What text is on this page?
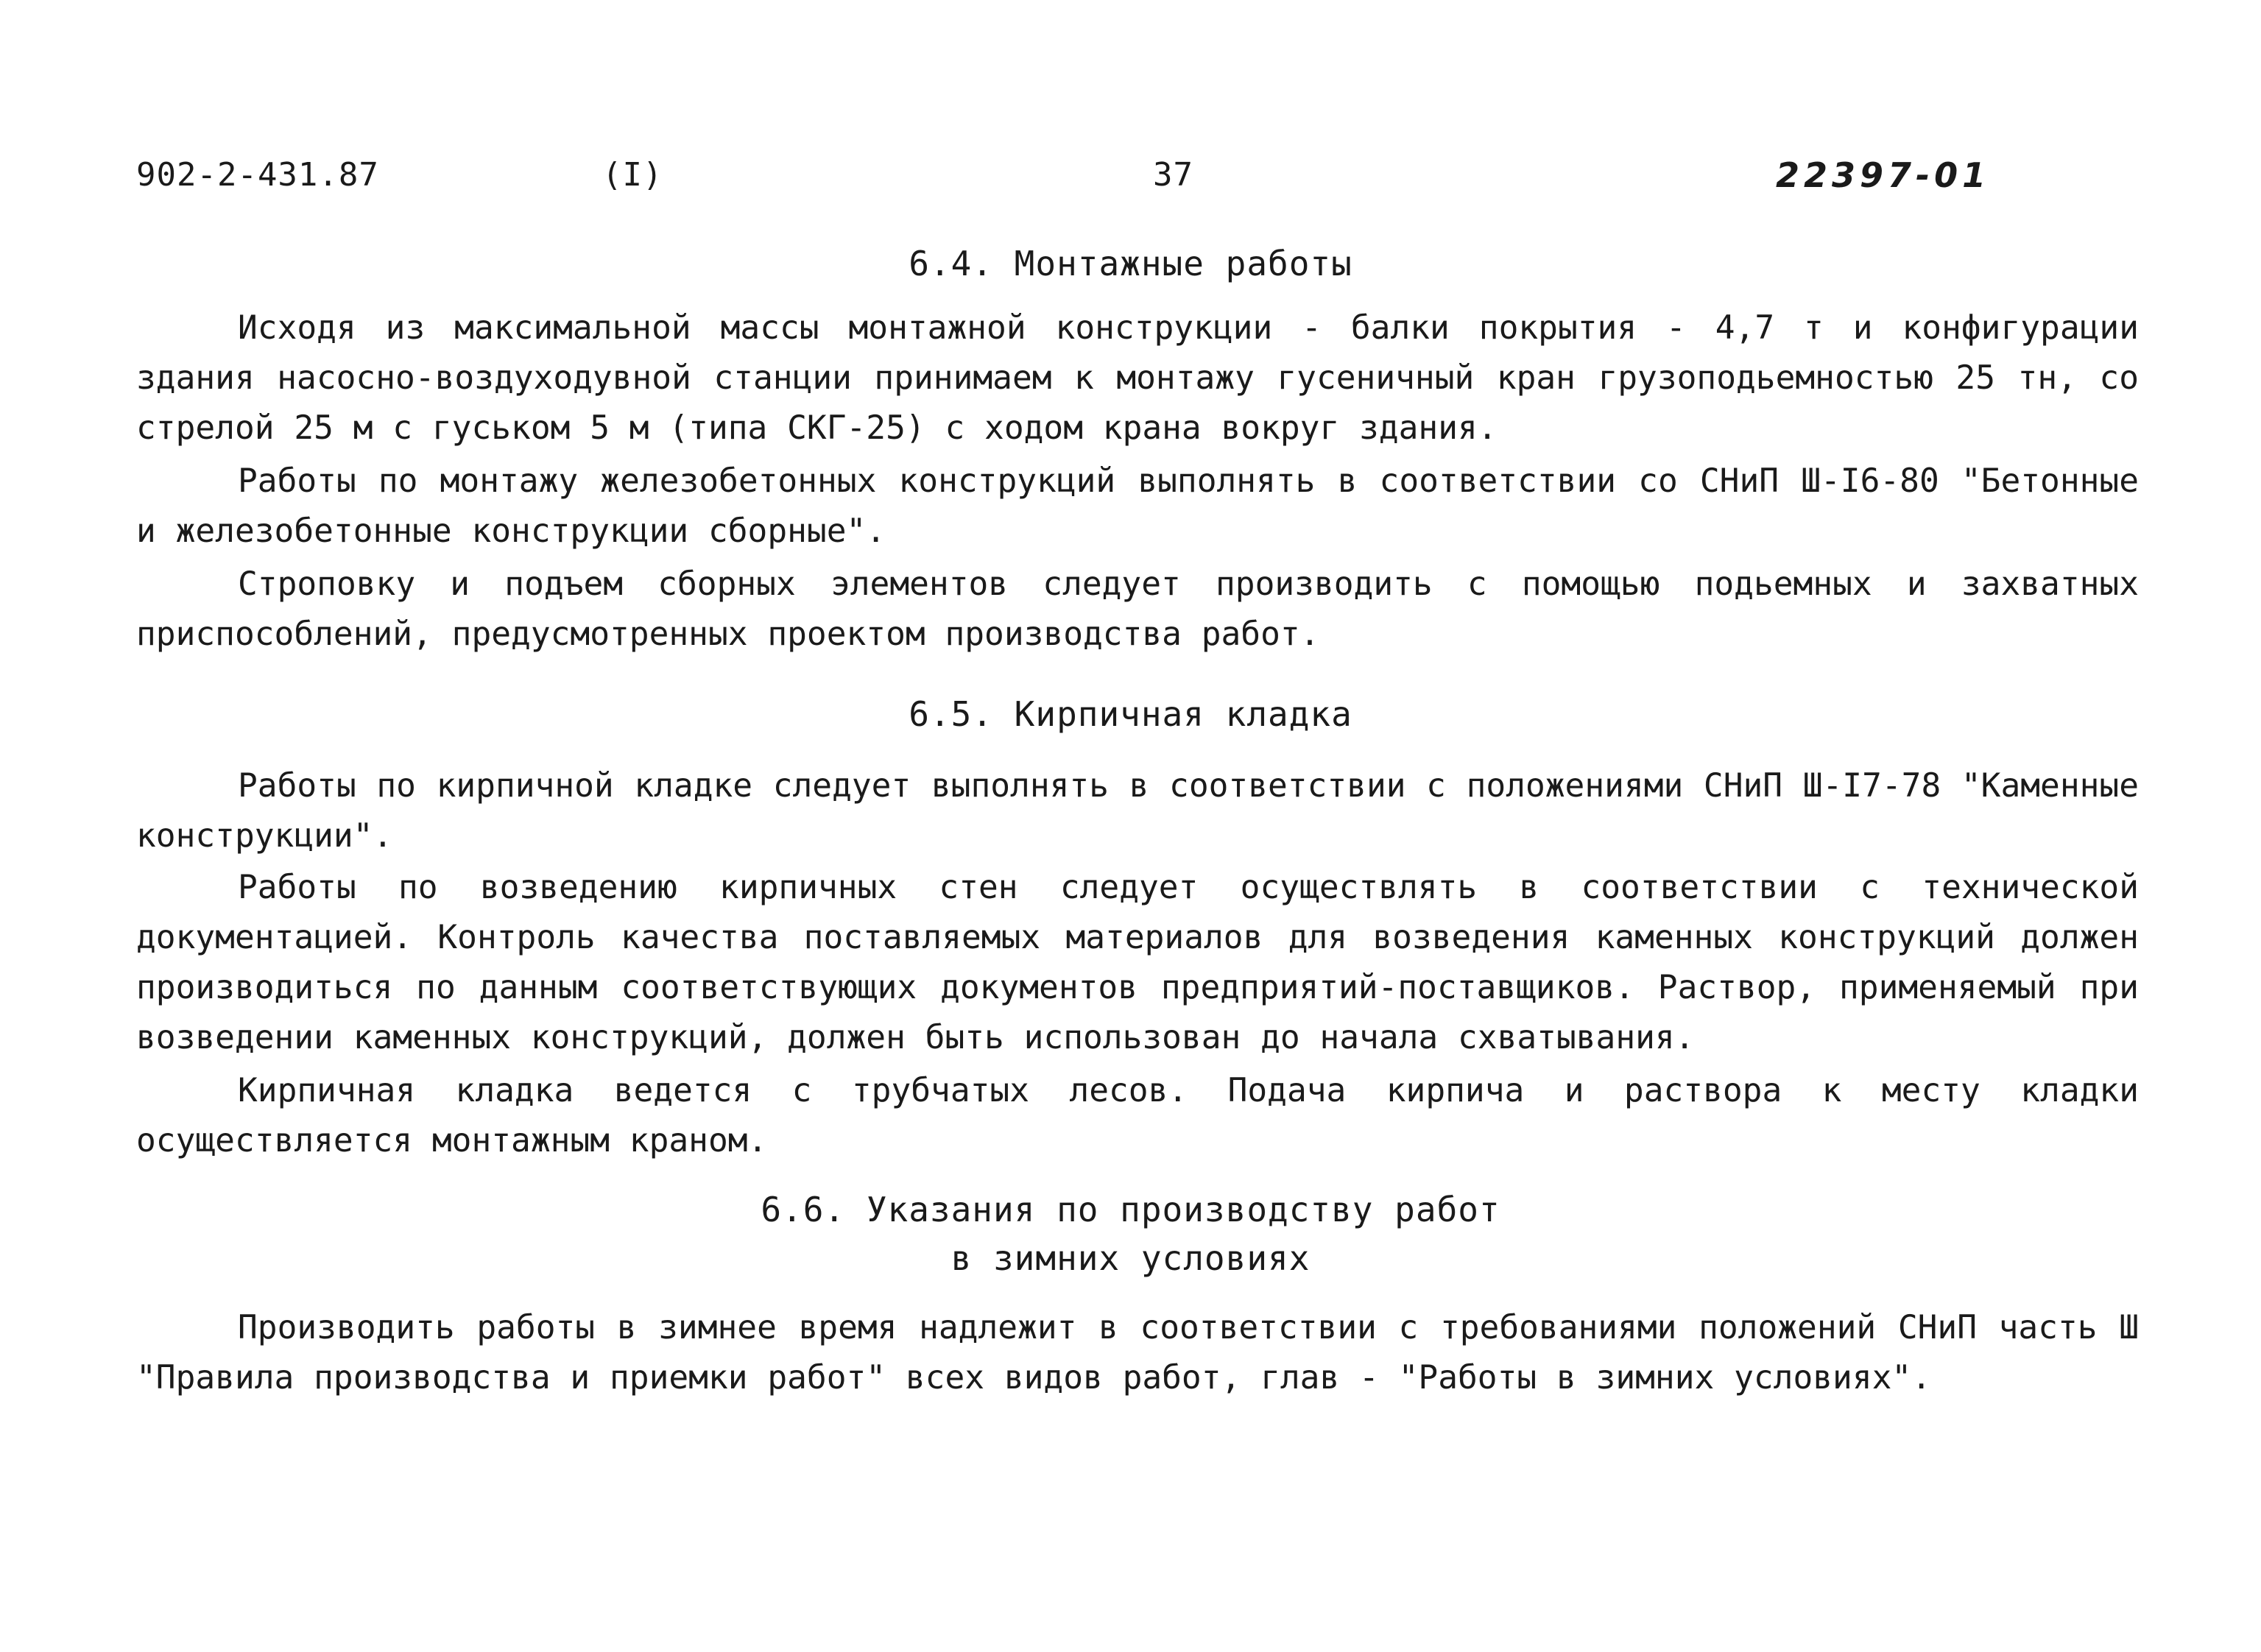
902-2-431.87	(I)	37	22397-01
6.4. Монтажные работы
Исходя из максимальной массы монтажной конструкции - балки покрытия - 4,7 т и конфигурации здания насосно-воздуходувной станции принимаем к монтажу гусеничный кран грузоподьемностью 25 тн, со стрелой 25 м с гуськом 5 м (типа СКГ-25) с ходом крана вокруг здания.
Работы по монтажу железобетонных конструкций выполнять в соответствии со СНиП Ш-I6-80 "Бетонные и железобетонные конструкции сборные".
Строповку и подъем сборных элементов следует производить с помощью подьемных и захватных приспособлений, предусмотренных проектом производства работ.
6.5. Кирпичная кладка
Работы по кирпичной кладке следует выполнять в соответствии с положениями СНиП Ш-I7-78 "Каменные конструкции".
Работы по возведению кирпичных стен следует осуществлять в соответствии с технической документацией. Контроль качества поставляемых материалов для возведения каменных конструкций должен производиться по данным соответствующих документов предприятий-поставщиков. Раствор, применяемый при возведении каменных конструкций, должен быть использован до начала схватывания.
Кирпичная кладка ведется с трубчатых лесов. Подача кирпича и раствора к месту кладки осуществляется монтажным краном.
6.6. Указания по производству работ
в зимних условиях
Производить работы в зимнее время надлежит в соответствии с требованиями положений СНиП часть Ш "Правила производства и приемки работ" всех видов работ, глав - "Работы в зимних условиях".
